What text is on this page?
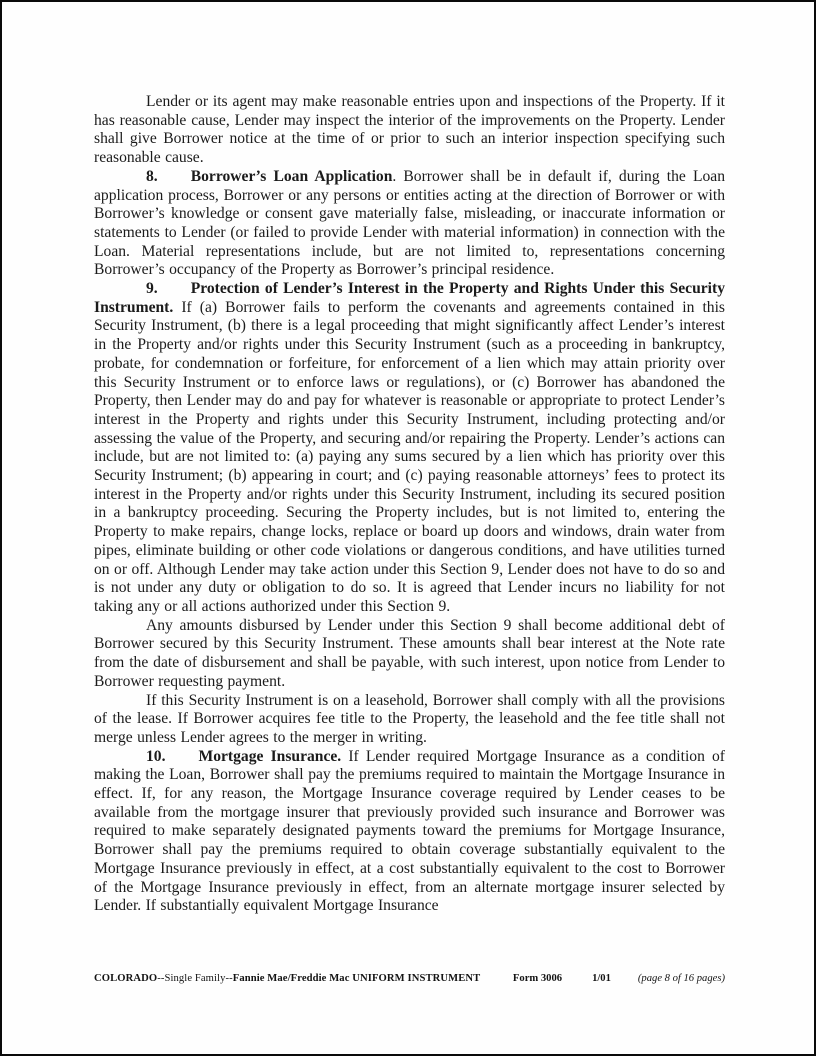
Lender or its agent may make reasonable entries upon and inspections of the Property. If it has reasonable cause, Lender may inspect the interior of the improvements on the Property. Lender shall give Borrower notice at the time of or prior to such an interior inspection specifying such reasonable cause.

8. Borrower’s Loan Application. Borrower shall be in default if, during the Loan application process, Borrower or any persons or entities acting at the direction of Borrower or with Borrower’s knowledge or consent gave materially false, misleading, or inaccurate information or statements to Lender (or failed to provide Lender with material information) in connection with the Loan. Material representations include, but are not limited to, representations concerning Borrower’s occupancy of the Property as Borrower’s principal residence.

9. Protection of Lender’s Interest in the Property and Rights Under this Security Instrument. If (a) Borrower fails to perform the covenants and agreements contained in this Security Instrument, (b) there is a legal proceeding that might significantly affect Lender’s interest in the Property and/or rights under this Security Instrument (such as a proceeding in bankruptcy, probate, for condemnation or forfeiture, for enforcement of a lien which may attain priority over this Security Instrument or to enforce laws or regulations), or (c) Borrower has abandoned the Property, then Lender may do and pay for whatever is reasonable or appropriate to protect Lender’s interest in the Property and rights under this Security Instrument, including protecting and/or assessing the value of the Property, and securing and/or repairing the Property. Lender’s actions can include, but are not limited to: (a) paying any sums secured by a lien which has priority over this Security Instrument; (b) appearing in court; and (c) paying reasonable attorneys’ fees to protect its interest in the Property and/or rights under this Security Instrument, including its secured position in a bankruptcy proceeding. Securing the Property includes, but is not limited to, entering the Property to make repairs, change locks, replace or board up doors and windows, drain water from pipes, eliminate building or other code violations or dangerous conditions, and have utilities turned on or off. Although Lender may take action under this Section 9, Lender does not have to do so and is not under any duty or obligation to do so. It is agreed that Lender incurs no liability for not taking any or all actions authorized under this Section 9.

Any amounts disbursed by Lender under this Section 9 shall become additional debt of Borrower secured by this Security Instrument. These amounts shall bear interest at the Note rate from the date of disbursement and shall be payable, with such interest, upon notice from Lender to Borrower requesting payment.

If this Security Instrument is on a leasehold, Borrower shall comply with all the provisions of the lease. If Borrower acquires fee title to the Property, the leasehold and the fee title shall not merge unless Lender agrees to the merger in writing.

10. Mortgage Insurance. If Lender required Mortgage Insurance as a condition of making the Loan, Borrower shall pay the premiums required to maintain the Mortgage Insurance in effect. If, for any reason, the Mortgage Insurance coverage required by Lender ceases to be available from the mortgage insurer that previously provided such insurance and Borrower was required to make separately designated payments toward the premiums for Mortgage Insurance, Borrower shall pay the premiums required to obtain coverage substantially equivalent to the Mortgage Insurance previously in effect, at a cost substantially equivalent to the cost to Borrower of the Mortgage Insurance previously in effect, from an alternate mortgage insurer selected by Lender. If substantially equivalent Mortgage Insurance

COLORADO--Single Family--Fannie Mae/Freddie Mac UNIFORM INSTRUMENT	Form 3006	1/01	(page 8 of 16 pages)
